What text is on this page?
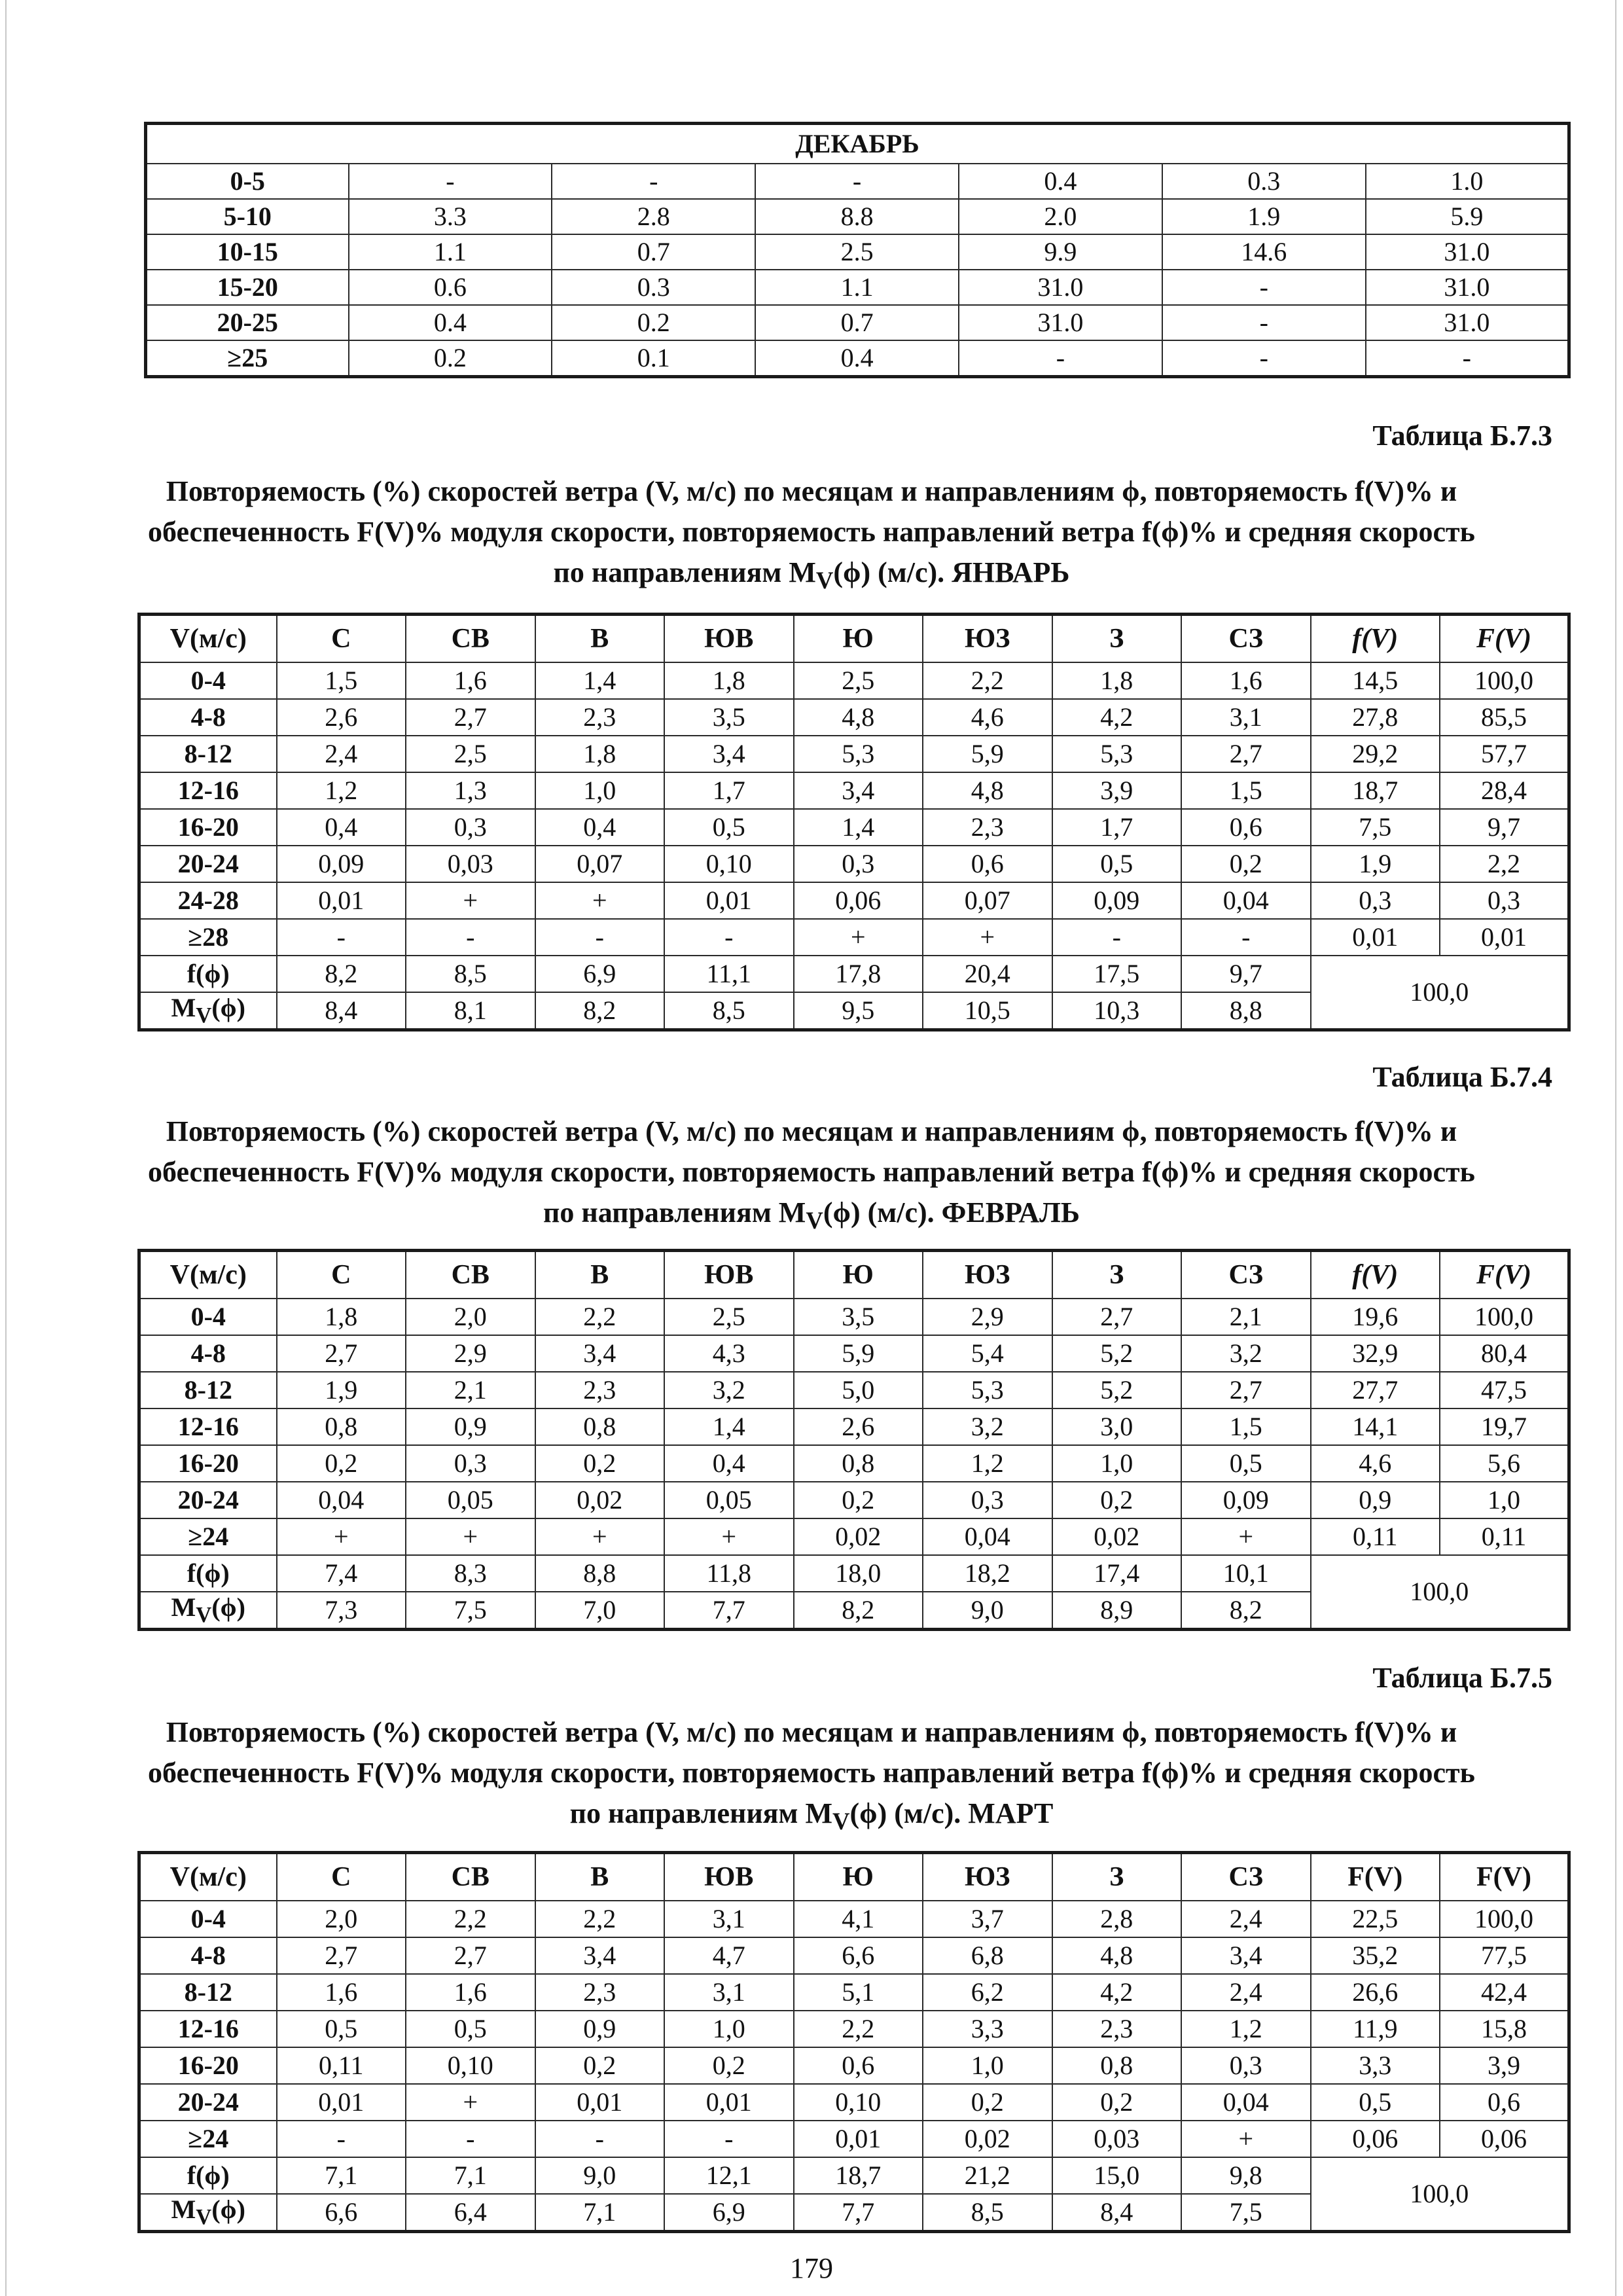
ДЕКАБРЬ						
0-5	-	-	-	0.4	0.3	1.0
5-10	3.3	2.8	8.8	2.0	1.9	5.9
10-15	1.1	0.7	2.5	9.9	14.6	31.0
15-20	0.6	0.3	1.1	31.0	-	31.0
20-25	0.4	0.2	0.7	31.0	-	31.0
≥25	0.2	0.1	0.4	-	-	-
Таблица Б.7.3
Повторяемость (%) скоростей ветра (V, м/с) по месяцам и направлениям ϕ, повторяемость f(V)% и обеспеченность F(V)% модуля скорости, повторяемость направлений ветра f(ϕ)% и средняя скорость по направлениям $M_V(\phi)$ (м/с). ЯНВАРЬ
V(м/с)	С	СВ	В	ЮВ	Ю	ЮЗ	З	СЗ	f(V)	F(V)
0-4	1,5	1,6	1,4	1,8	2,5	2,2	1,8	1,6	14,5	100,0
4-8	2,6	2,7	2,3	3,5	4,8	4,6	4,2	3,1	27,8	85,5
8-12	2,4	2,5	1,8	3,4	5,3	5,9	5,3	2,7	29,2	57,7
12-16	1,2	1,3	1,0	1,7	3,4	4,8	3,9	1,5	18,7	28,4
16-20	0,4	0,3	0,4	0,5	1,4	2,3	1,7	0,6	7,5	9,7
20-24	0,09	0,03	0,07	0,10	0,3	0,6	0,5	0,2	1,9	2,2
24-28	0,01	+	+	0,01	0,06	0,07	0,09	0,04	0,3	0,3
≥28	-	-	-	-	+	+	-	-	0,01	0,01
f(ϕ)	8,2	8,5	6,9	11,1	17,8	20,4	17,5	9,7	100,0	
$M_V(\phi)$	8,4	8,1	8,2	8,5	9,5	10,5	10,3	8,8		
Таблица Б.7.4
Повторяемость (%) скоростей ветра (V, м/с) по месяцам и направлениям ϕ, повторяемость f(V)% и обеспеченность F(V)% модуля скорости, повторяемость направлений ветра f(ϕ)% и средняя скорость по направлениям $M_V(\phi)$ (м/с). ФЕВРАЛЬ
V(м/с)	С	СВ	В	ЮВ	Ю	ЮЗ	З	СЗ	f(V)	F(V)
0-4	1,8	2,0	2,2	2,5	3,5	2,9	2,7	2,1	19,6	100,0
4-8	2,7	2,9	3,4	4,3	5,9	5,4	5,2	3,2	32,9	80,4
8-12	1,9	2,1	2,3	3,2	5,0	5,3	5,2	2,7	27,7	47,5
12-16	0,8	0,9	0,8	1,4	2,6	3,2	3,0	1,5	14,1	19,7
16-20	0,2	0,3	0,2	0,4	0,8	1,2	1,0	0,5	4,6	5,6
20-24	0,04	0,05	0,02	0,05	0,2	0,3	0,2	0,09	0,9	1,0
≥24	+	+	+	+	0,02	0,04	0,02	+	0,11	0,11
f(ϕ)	7,4	8,3	8,8	11,8	18,0	18,2	17,4	10,1	100,0	
$M_V(\phi)$	7,3	7,5	7,0	7,7	8,2	9,0	8,9	8,2		
Таблица Б.7.5
Повторяемость (%) скоростей ветра (V, м/с) по месяцам и направлениям ϕ, повторяемость f(V)% и обеспеченность F(V)% модуля скорости, повторяемость направлений ветра f(ϕ)% и средняя скорость по направлениям $M_V(\phi)$ (м/с). МАРТ
V(м/с)	С	СВ	В	ЮВ	Ю	ЮЗ	З	СЗ	F(V)	F(V)
0-4	2,0	2,2	2,2	3,1	4,1	3,7	2,8	2,4	22,5	100,0
4-8	2,7	2,7	3,4	4,7	6,6	6,8	4,8	3,4	35,2	77,5
8-12	1,6	1,6	2,3	3,1	5,1	6,2	4,2	2,4	26,6	42,4
12-16	0,5	0,5	0,9	1,0	2,2	3,3	2,3	1,2	11,9	15,8
16-20	0,11	0,10	0,2	0,2	0,6	1,0	0,8	0,3	3,3	3,9
20-24	0,01	+	0,01	0,01	0,10	0,2	0,2	0,04	0,5	0,6
≥24	-	-	-	-	0,01	0,02	0,03	+	0,06	0,06
f(ϕ)	7,1	7,1	9,0	12,1	18,7	21,2	15,0	9,8	100,0	
$M_V(\phi)$	6,6	6,4	7,1	6,9	7,7	8,5	8,4	7,5		
179
